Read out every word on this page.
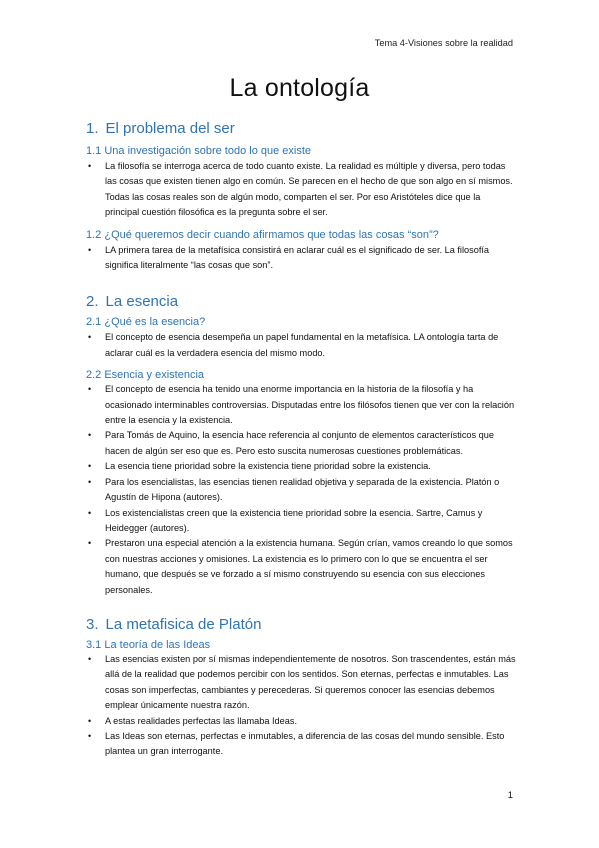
Tema 4-Visiones sobre la realidad
La ontología
1. El problema del ser
1.1 Una investigación sobre todo lo que existe
• La filosofía se interroga acerca de todo cuanto existe. La realidad es múltiple y diversa, pero todas las cosas que existen tienen algo en común. Se parecen en el hecho de que son algo en sí mismos. Todas las cosas reales son de algún modo, comparten el ser. Por eso Aristóteles dice que la principal cuestión filosófica es la pregunta sobre el ser.
1.2 ¿Qué queremos decir cuando afirmamos que todas las cosas “son”?
• LA primera tarea de la metafísica consistirá en aclarar cuál es el significado de ser. La filosofía significa literalmente “las cosas que son”.
2. La esencia
2.1 ¿Qué es la esencia?
• El concepto de esencia desempeña un papel fundamental en la metafísica. LA ontología tarta de aclarar cuál es la verdadera esencia del mismo modo.
2.2 Esencia y existencia
• El concepto de esencia ha tenido una enorme importancia en la historia de la filosofía y ha ocasionado interminables controversias. Disputadas entre los filósofos tienen que ver con la relación entre la esencia y la existencia.
• Para Tomás de Aquino, la esencia hace referencia al conjunto de elementos característicos que hacen de algún ser eso que es. Pero esto suscita numerosas cuestiones problemáticas.
• La esencia tiene prioridad sobre la existencia tiene prioridad sobre la existencia.
• Para los esencialistas, las esencias tienen realidad objetiva y separada de la existencia. Platón o Agustín de Hipona (autores).
• Los existencialistas creen que la existencia tiene prioridad sobre la esencia. Sartre, Camus y Heidegger (autores).
• Prestaron una especial atención a la existencia humana. Según crían, vamos creando lo que somos con nuestras acciones y omisiones. La existencia es lo primero con lo que se encuentra el ser humano, que después se ve forzado a sí mismo construyendo su esencia con sus elecciones personales.
3. La metafisica de Platón
3.1 La teoría de las Ideas
• Las esencias existen por sí mismas independientemente de nosotros. Son trascendentes, están más allá de la realidad que podemos percibir con los sentidos. Son eternas, perfectas e inmutables. Las cosas son imperfectas, cambiantes y perecederas. Si queremos conocer las esencias debemos emplear únicamente nuestra razón.
• A estas realidades perfectas las llamaba Ideas.
• Las Ideas son eternas, perfectas e inmutables, a diferencia de las cosas del mundo sensible. Esto plantea un gran interrogante.
1
